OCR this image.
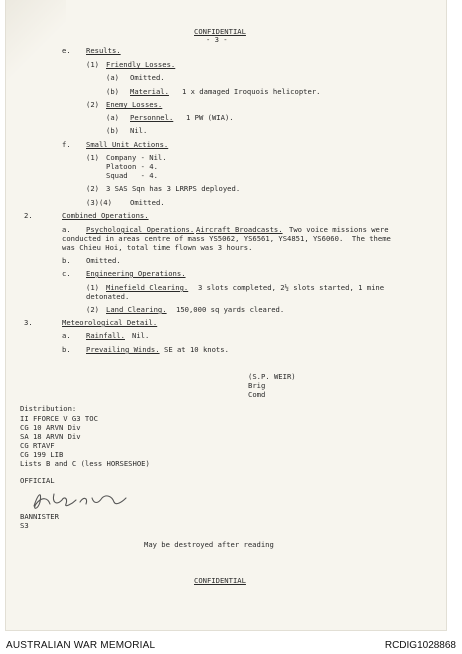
CONFIDENTIAL
- 3 -
e. Results.
(1) Friendly Losses.
(a) Omitted.
(b) Material. 1 x damaged Iroquois helicopter.
(2) Enemy Losses.
(a) Personnel. 1 PW (WIA).
(b) Nil.
f. Small Unit Actions.
(1) Company - Nil.
Platoon - 4.
Squad   - 4.
(2) 3 SAS Sqn has 3 LRRPS deployed.
(3)(4)	Omitted.
2.	Combined Operations.
a. Psychological Operations. Aircraft Broadcasts. Two voice missions were
conducted in areas centre of mass YS5062, YS6561, YS4851, YS6060.  The theme
was Chieu Hoi, total time flown was 3 hours.
b. Omitted.
c. Engineering Operations.
(1) Minefield Clearing. 3 slots completed, 2½ slots started, 1 mine
detonated.
(2) Land Clearing. 150,000 sq yards cleared.
3.	Meteorological Detail.
a. Rainfall. Nil.
b. Prevailing Winds. SE at 10 knots.
(S.P. WEIR)
Brig
Comd
Distribution:
II FFORCE V G3 TOC
CG 10 ARVN Div
SA 18 ARVN Div
CG RTAVF
CG 199 LIB
Lists B and C (less HORSESHOE)
OFFICIAL
BANNISTER
S3
May be destroyed after reading
CONFIDENTIAL
AUSTRALIAN WAR MEMORIAL	RCDIG1028868
